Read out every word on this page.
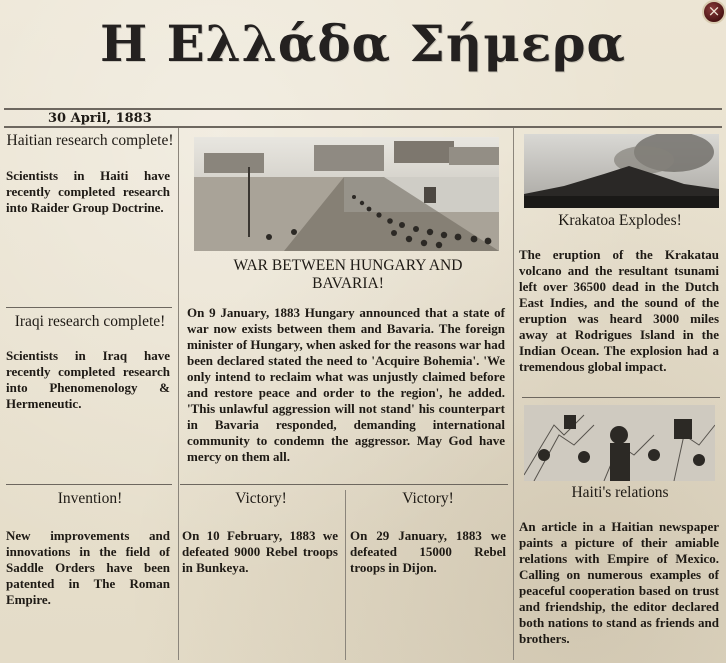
×
Η Ελλάδα Σήμερα
30 April, 1883
Haitian research complete!
Scientists in Haiti have recently completed research into Raider Group Doctrine.
Iraqi research complete!
Scientists in Iraq have recently completed research into Phenomenology & Hermeneutic.
Invention!
New improvements and innovations in the field of Saddle Orders have been patented in The Roman Empire.
WAR BETWEEN HUNGARY AND BAVARIA!
On 9 January, 1883 Hungary announced that a state of war now exists between them and Bavaria. The foreign minister of Hungary, when asked for the reasons war had been declared stated the need to 'Acquire Bohemia'. 'We only intend to reclaim what was unjustly claimed before and restore peace and order to the region', he added. 'This unlawful aggression will not stand' his counterpart in Bavaria responded, demanding international community to condemn the aggressor. May God have mercy on them all.
Victory!
On 10 February, 1883 we defeated 9000 Rebel troops in Bunkeya.
Victory!
On 29 January, 1883 we defeated 15000 Rebel troops in Dijon.
Krakatoa Explodes!
The eruption of the Krakatau volcano and the resultant tsunami left over 36500 dead in the Dutch East Indies, and the sound of the eruption was heard 3000 miles away at Rodrigues Island in the Indian Ocean. The explosion had a tremendous global impact.
Haiti's relations
An article in a Haitian newspaper paints a picture of their amiable relations with Empire of Mexico. Calling on numerous examples of peaceful cooperation based on trust and friendship, the editor declared both nations to stand as friends and brothers.
